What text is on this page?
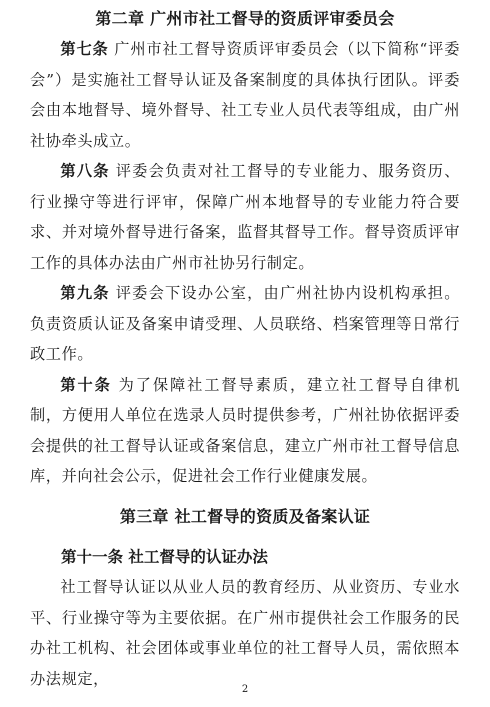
第二章 广州市社工督导的资质评审委员会

第七条 广州市社工督导资质评审委员会（以下简称“评委会”）是实施社工督导认证及备案制度的具体执行团队。评委会由本地督导、境外督导、社工专业人员代表等组成，由广州社协牵头成立。

第八条 评委会负责对社工督导的专业能力、服务资历、行业操守等进行评审，保障广州本地督导的专业能力符合要求、并对境外督导进行备案，监督其督导工作。督导资质评审工作的具体办法由广州市社协另行制定。

第九条 评委会下设办公室，由广州社协内设机构承担。负责资质认证及备案申请受理、人员联络、档案管理等日常行政工作。

第十条 为了保障社工督导素质，建立社工督导自律机制，方便用人单位在选录人员时提供参考，广州社协依据评委会提供的社工督导认证或备案信息，建立广州市社工督导信息库，并向社会公示，促进社会工作行业健康发展。

第三章 社工督导的资质及备案认证

第十一条 社工督导的认证办法

社工督导认证以从业人员的教育经历、从业资历、专业水平、行业操守等为主要依据。在广州市提供社会工作服务的民办社工机构、社会团体或事业单位的社工督导人员，需依照本办法规定，

2
